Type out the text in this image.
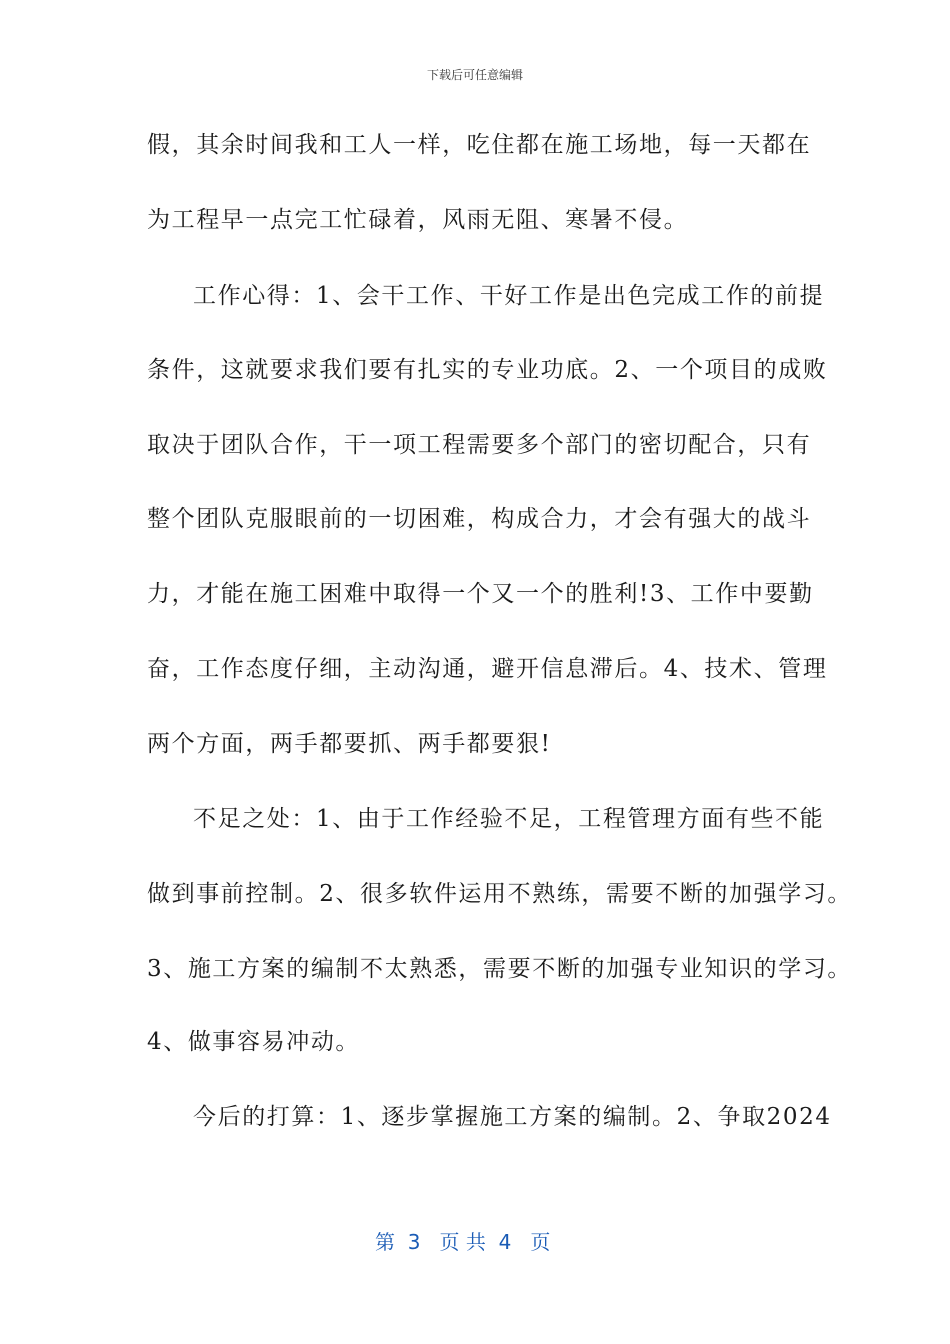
下载后可任意编辑
假，其余时间我和工人一样，吃住都在施工场地，每一天都在
为工程早一点完工忙碌着，风雨无阻、寒暑不侵。
工作心得：1、会干工作、干好工作是出色完成工作的前提
条件，这就要求我们要有扎实的专业功底。2、一个项目的成败
取决于团队合作，干一项工程需要多个部门的密切配合，只有
整个团队克服眼前的一切困难，构成合力，才会有强大的战斗
力，才能在施工困难中取得一个又一个的胜利!3、工作中要勤
奋，工作态度仔细，主动沟通，避开信息滞后。4、技术、管理
两个方面，两手都要抓、两手都要狠!
不足之处：1、由于工作经验不足，工程管理方面有些不能
做到事前控制。2、很多软件运用不熟练，需要不断的加强学习。
3、施工方案的编制不太熟悉，需要不断的加强专业知识的学习。
4、做事容易冲动。
今后的打算：1、逐步掌握施工方案的编制。2、争取2024
第  3   页 共  4   页
